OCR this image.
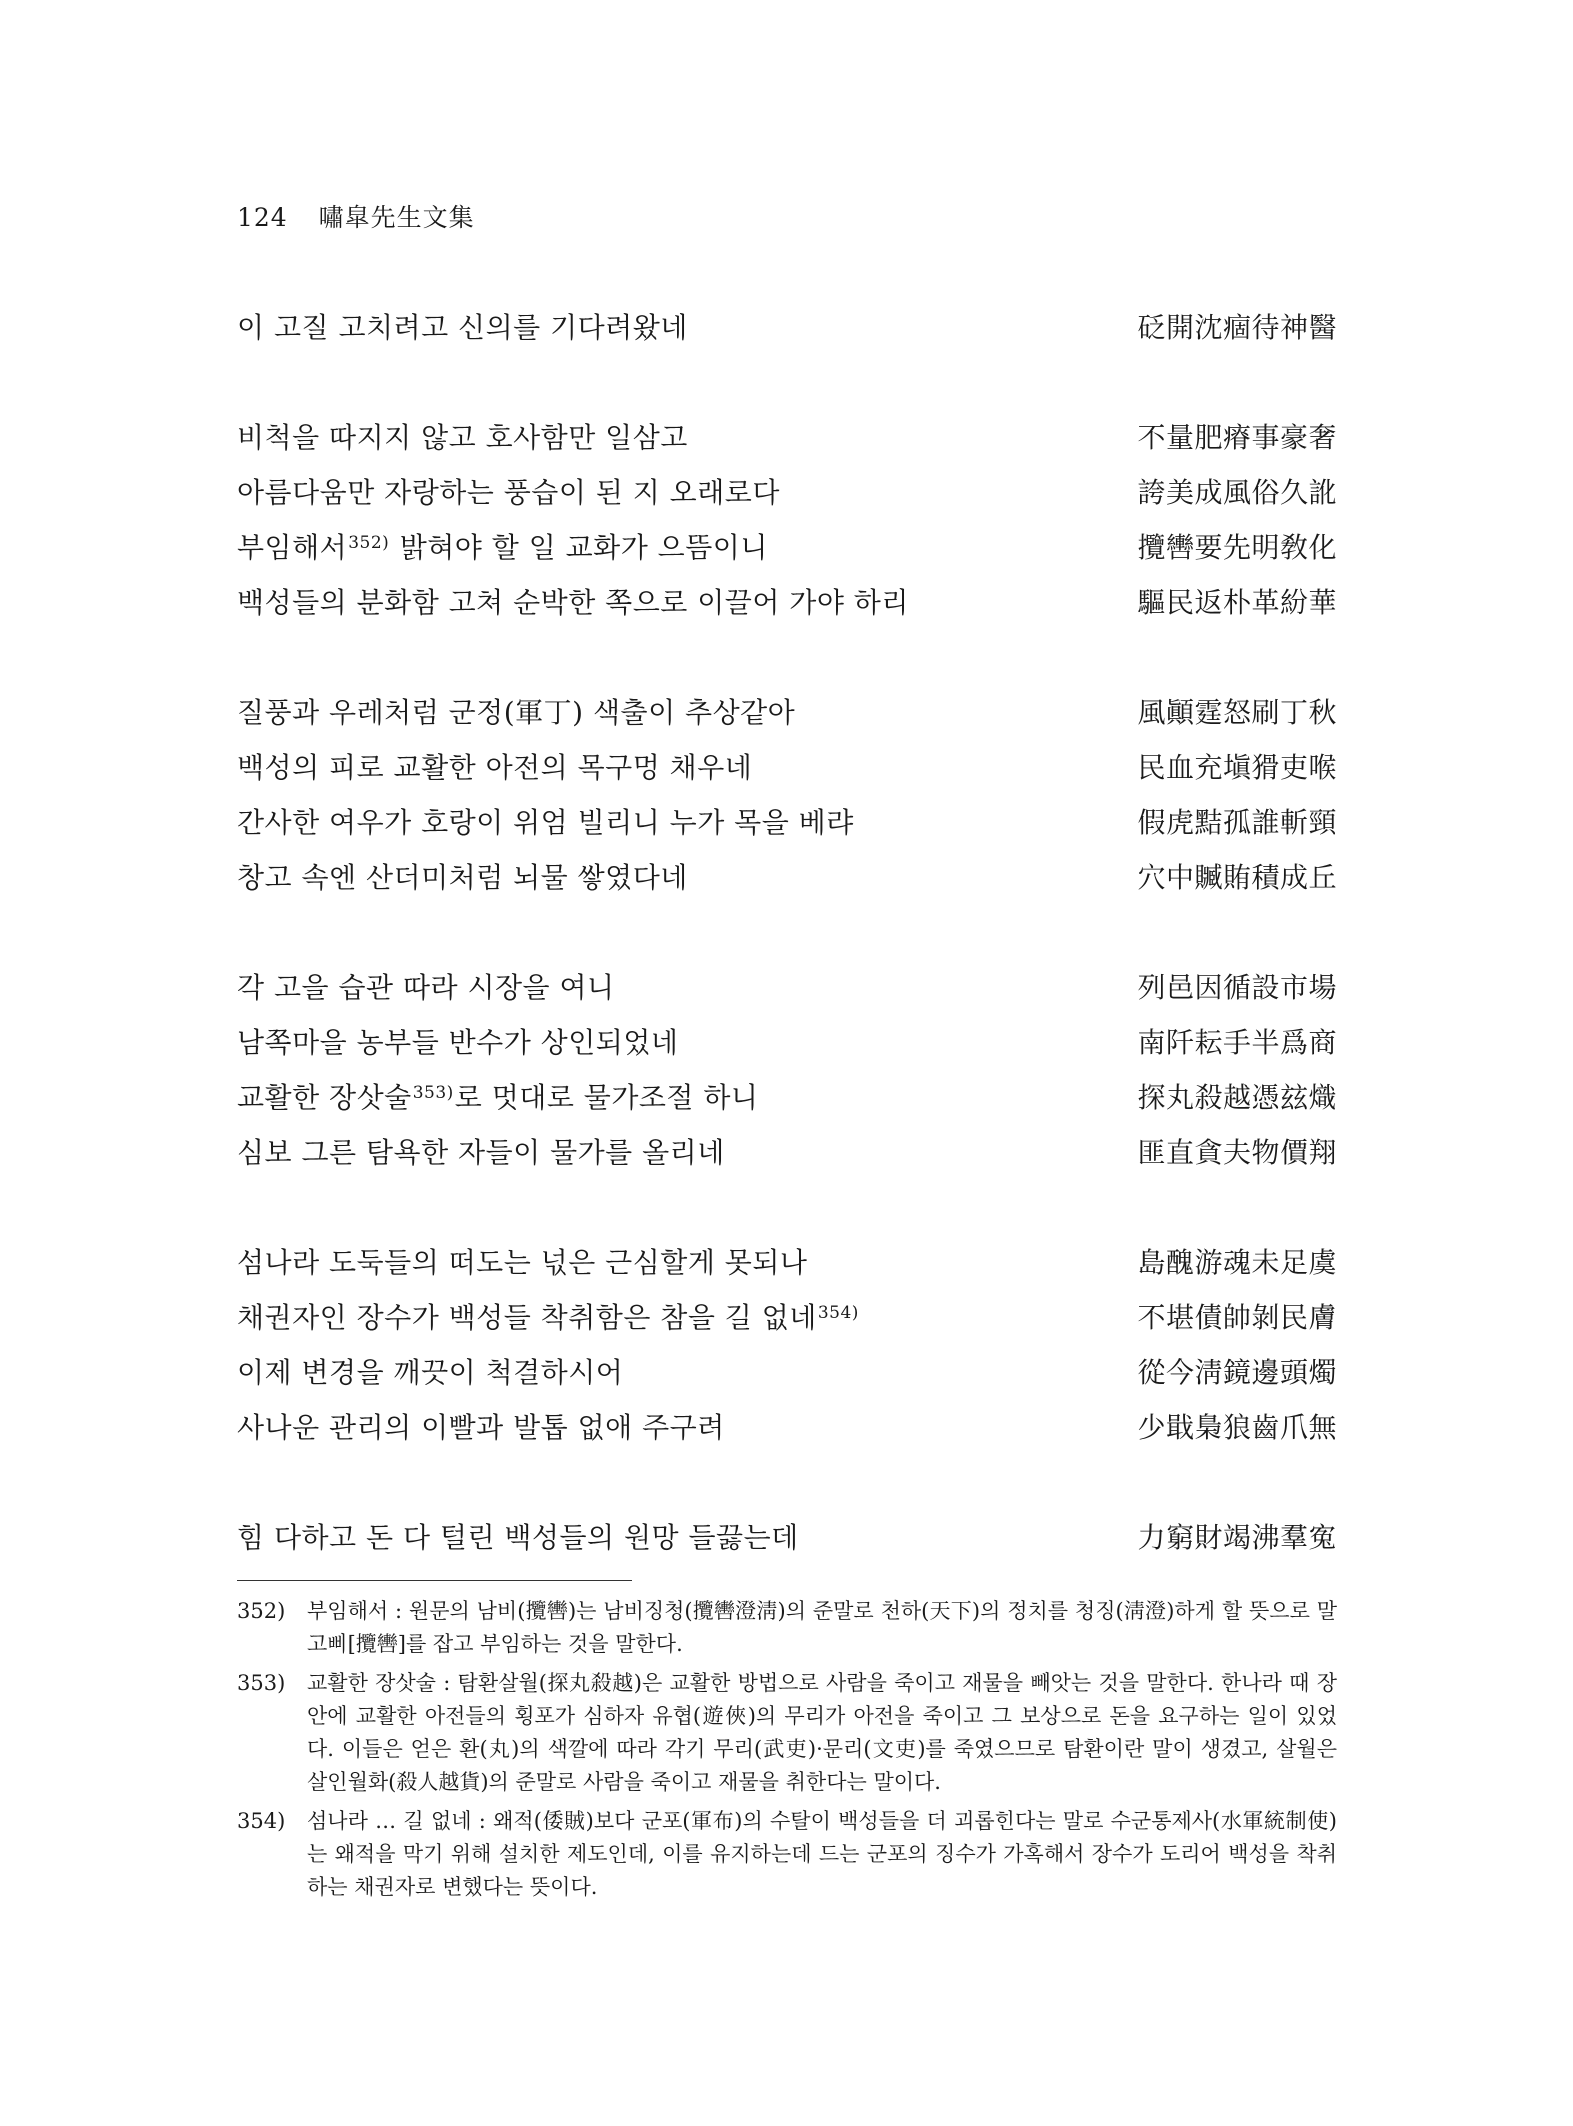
124 嘯皐先生文集
이 고질 고치려고 신의를 기다려왔네	砭開沈痼待神醫
비척을 따지지 않고 호사함만 일삼고	不量肥瘠事豪奢
아름다움만 자랑하는 풍습이 된 지 오래로다	誇美成風俗久訛
부임해서$^{352)}$ 밝혀야 할 일 교화가 으뜸이니	攬轡要先明敎化
백성들의 분화함 고쳐 순박한 쪽으로 이끌어 가야 하리	驅民返朴革紛華
질풍과 우레처럼 군정(軍丁) 색출이 추상같아	風顚霆怒刷丁秋
백성의 피로 교활한 아전의 목구멍 채우네	民血充塡猾吏喉
간사한 여우가 호랑이 위엄 빌리니 누가 목을 베랴	假虎黠孤誰斬頸
창고 속엔 산더미처럼 뇌물 쌓였다네	穴中贓賄積成丘
각 고을 습관 따라 시장을 여니	列邑因循設市場
남쪽마을 농부들 반수가 상인되었네	南阡耘手半爲商
교활한 장삿술$^{353)}$로 멋대로 물가조절 하니	探丸殺越憑玆熾
심보 그른 탐욕한 자들이 물가를 올리네	匪直貪夫物價翔
섬나라 도둑들의 떠도는 넋은 근심할게 못되나	島醜游魂未足虞
채권자인 장수가 백성들 착취함은 참을 길 없네$^{354)}$	不堪債帥剝民膚
이제 변경을 깨끗이 척결하시어	從今淸鏡邊頭燭
사나운 관리의 이빨과 발톱 없애 주구려	少戢梟狼齒爪無
힘 다하고 돈 다 털린 백성들의 원망 들끓는데	力窮財竭沸羣寃
352)	부임해서 : 원문의 남비(攬轡)는 남비징청(攬轡澄淸)의 준말로 천하(天下)의 정치를 청징(淸澄)하게 할 뜻으로 말고삐[攬轡]를 잡고 부임하는 것을 말한다.
353)	교활한 장삿술 : 탐환살월(探丸殺越)은 교활한 방법으로 사람을 죽이고 재물을 빼앗는 것을 말한다. 한나라 때 장안에 교활한 아전들의 횡포가 심하자 유협(遊俠)의 무리가 아전을 죽이고 그 보상으로 돈을 요구하는 일이 있었다. 이들은 얻은 환(丸)의 색깔에 따라 각기 무리(武吏)·문리(文吏)를 죽였으므로 탐환이란 말이 생겼고, 살월은 살인월화(殺人越貨)의 준말로 사람을 죽이고 재물을 취한다는 말이다.
354)	섬나라 … 길 없네 : 왜적(倭賊)보다 군포(軍布)의 수탈이 백성들을 더 괴롭힌다는 말로 수군통제사(水軍統制使)는 왜적을 막기 위해 설치한 제도인데, 이를 유지하는데 드는 군포의 징수가 가혹해서 장수가 도리어 백성을 착취하는 채권자로 변했다는 뜻이다.
